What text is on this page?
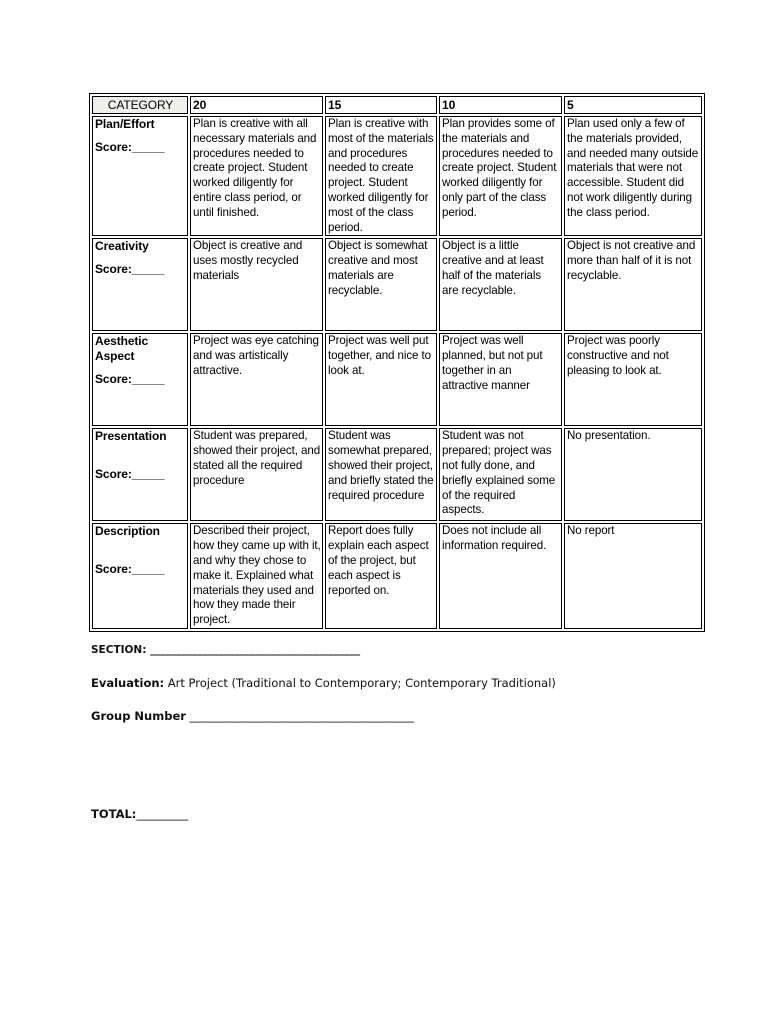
CATEGORY	20	15	10	5

Plan/Effort
Score:_____	Plan is creative with all necessary materials and procedures needed to create project. Student worked diligently for entire class period, or until finished.	Plan is creative with most of the materials and procedures needed to create project. Student worked diligently for most of the class period.	Plan provides some of the materials and procedures needed to create project. Student worked diligently for only part of the class period.	Plan used only a few of the materials provided, and needed many outside materials that were not accessible. Student did not work diligently during the class period.

Creativity
Score:_____	Object is creative and uses mostly recycled materials	Object is somewhat creative and most materials are recyclable.	Object is a little creative and at least half of the materials are recyclable.	Object is not creative and more than half of it is not recyclable.

Aesthetic Aspect
Score:_____	Project was eye catching and was artistically attractive.	Project was well put together, and nice to look at.	Project was well planned, but not put together in an attractive manner	Project was poorly constructive and not pleasing to look at.

Presentation
Score:_____	Student was prepared, showed their project, and stated all the required procedure	Student was somewhat prepared, showed their project, and briefly stated the required procedure	Student was not prepared; project was not fully done, and briefly explained some of the required aspects.	No presentation.

Description
Score:_____	Described their project, how they came up with it, and why they chose to make it. Explained what materials they used and how they made their project.	Report does fully explain each aspect of the project, but each aspect is reported on.	Does not include all information required.	No report
SECTION: ________________________________________
Evaluation: Art Project (Traditional to Contemporary; Contemporary Traditional)
Group Number _______________________________________
TOTAL:_________
